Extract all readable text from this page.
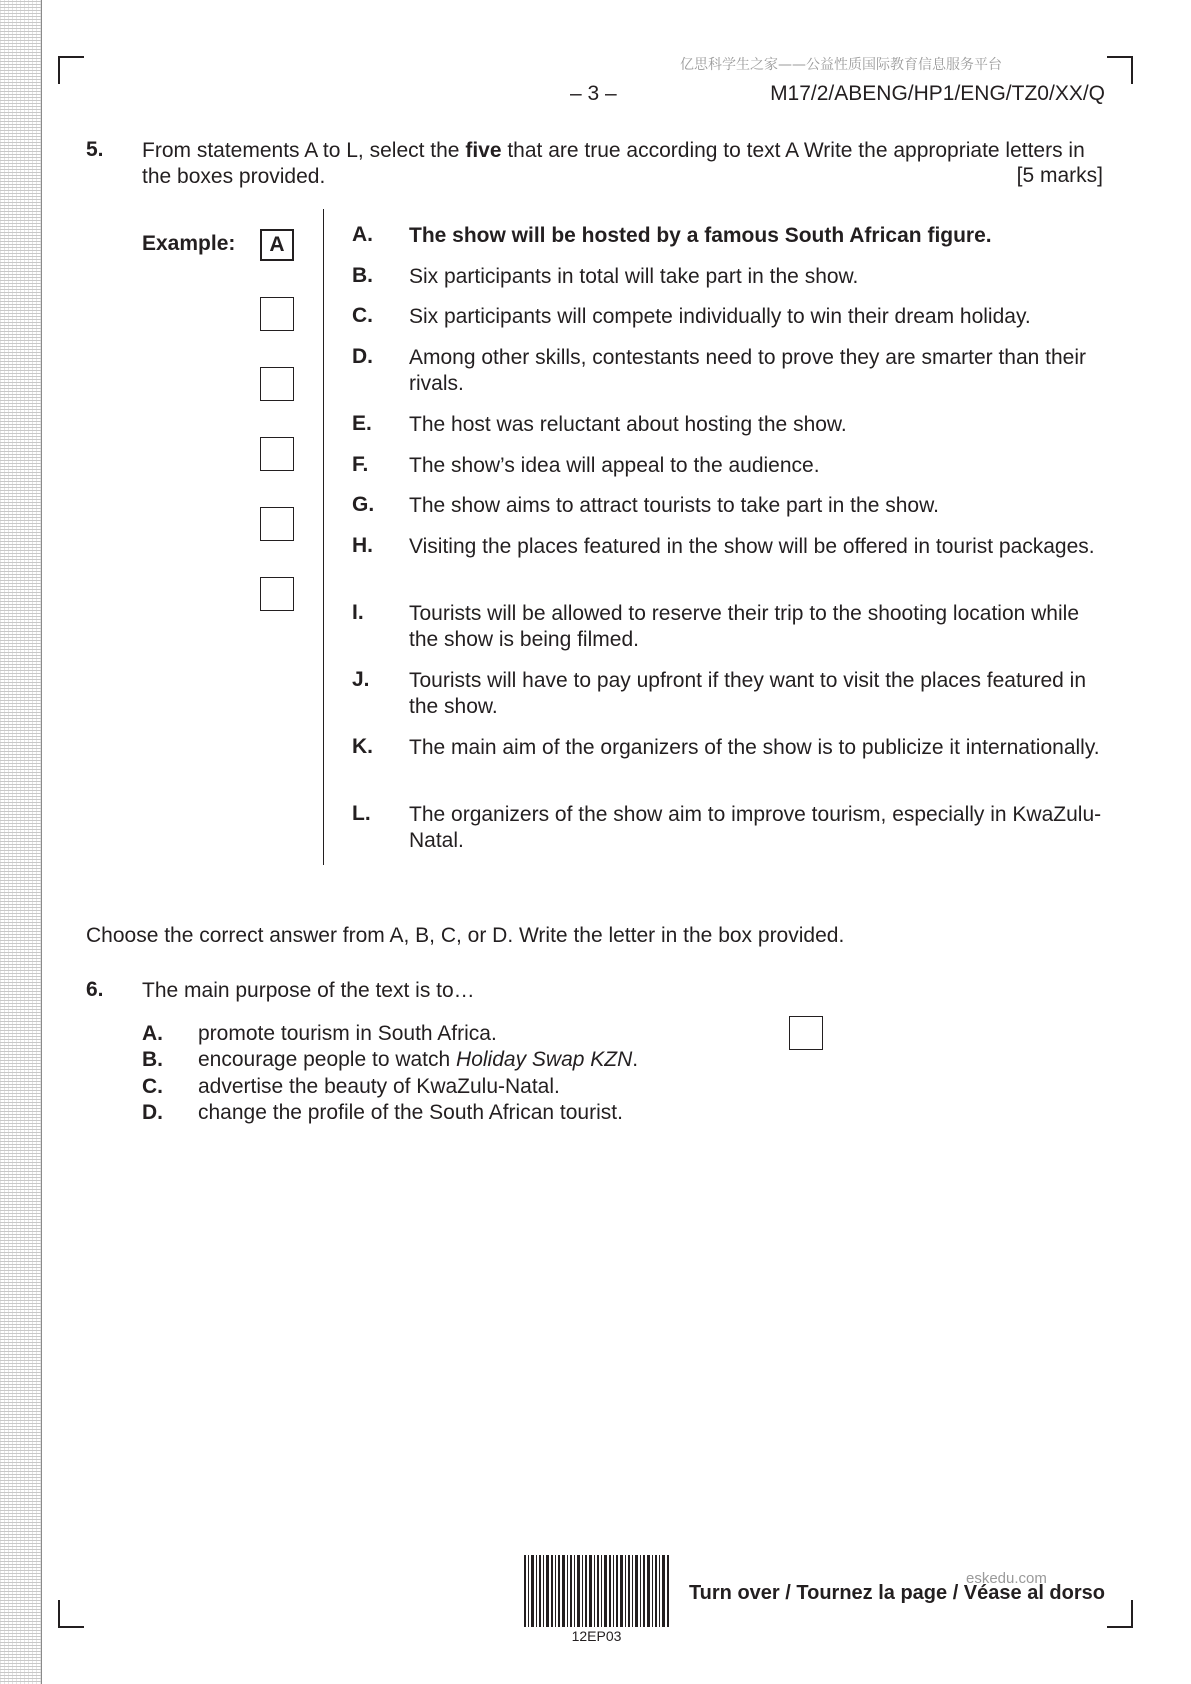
亿思科学生之家——公益性质国际教育信息服务平台
– 3 –	M17/2/ABENG/HP1/ENG/TZ0/XX/Q
5. From statements A to L, select the five that are true according to text A Write the appropriate letters in the boxes provided.	[5 marks]
Example:	A	A. The show will be hosted by a famous South African figure.
B. Six participants in total will take part in the show.
C. Six participants will compete individually to win their dream holiday.
D. Among other skills, contestants need to prove they are smarter than their rivals.
E. The host was reluctant about hosting the show.
F. The show’s idea will appeal to the audience.
G. The show aims to attract tourists to take part in the show.
H. Visiting the places featured in the show will be offered in tourist packages.
I. Tourists will be allowed to reserve their trip to the shooting location while the show is being filmed.
J. Tourists will have to pay upfront if they want to visit the places featured in the show.
K. The main aim of the organizers of the show is to publicize it internationally.
L. The organizers of the show aim to improve tourism, especially in KwaZulu-Natal.
Choose the correct answer from A, B, C, or D. Write the letter in the box provided.
6. The main purpose of the text is to…
A. promote tourism in South Africa.
B. encourage people to watch Holiday Swap KZN.
C. advertise the beauty of KwaZulu-Natal.
D. change the profile of the South African tourist.
12EP03
eskedu.com
Turn over / Tournez la page / Véase al dorso
